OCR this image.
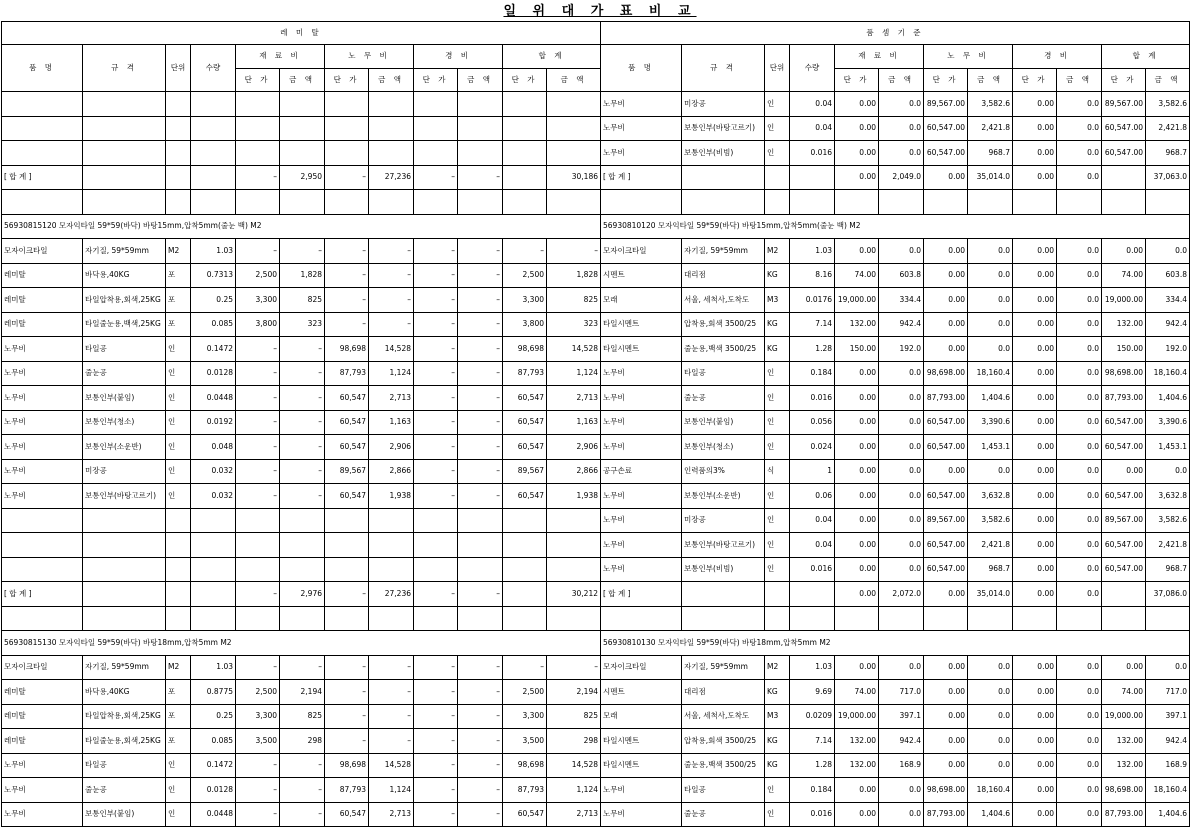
일 위 대 가 표 비 교
레 미 탈												품 셈 기 준											
품 명	규 격	단위	수량	재 료 비		노 무 비		경 비		합 계		품 명	규 격	단위	수량	재 료 비		노 무 비		경 비		합 계	
				단 가	금 액	단 가	금 액	단 가	금 액	단 가	금 액					단 가	금 액	단 가	금 액	단 가	금 액	단 가	금 액
												노무비	미장공	인	0.04	0.00	0.0	89,567.00	3,582.6	0.00	0.0	89,567.00	3,582.6
												노무비	보통인부(바탕고르기)	인	0.04	0.00	0.0	60,547.00	2,421.8	0.00	0.0	60,547.00	2,421.8
												노무비	보통인부(비빔)	인	0.016	0.00	0.0	60,547.00	968.7	0.00	0.0	60,547.00	968.7
[ 합 계 ]				–	2,950	–	27,236	–	–		30,186	[ 합 계 ]				0.00	2,049.0	0.00	35,014.0	0.00	0.0		37,063.0

56930815120 모자익타일 59*59(바닥) 바탕15mm,압착5mm(줄눈 백) M2												56930810120 모자익타일 59*59(바닥) 바탕15mm,압착5mm(줄눈 백) M2											
모자이크타일	자기질, 59*59mm	M2	1.03	–	–	–	–	–	–	–	–	모자이크타일	자기질, 59*59mm	M2	1.03	0.00	0.0	0.00	0.0	0.00	0.0	0.00	0.0
레미탈	바닥용,40KG	포	0.7313	2,500	1,828	–	–	–	–	2,500	1,828	시멘트	대리점	KG	8.16	74.00	603.8	0.00	0.0	0.00	0.0	74.00	603.8
레미탈	타일압착용,회색,25KG	포	0.25	3,300	825	–	–	–	–	3,300	825	모래	서울, 세척사,도착도	M3	0.0176	19,000.00	334.4	0.00	0.0	0.00	0.0	19,000.00	334.4
레미탈	타일줄눈용,백색,25KG	포	0.085	3,800	323	–	–	–	–	3,800	323	타일시멘트	압착용,회색 3500/25	KG	7.14	132.00	942.4	0.00	0.0	0.00	0.0	132.00	942.4
노무비	타일공	인	0.1472	–	–	98,698	14,528	–	–	98,698	14,528	타일시멘트	줄눈용,백색 3500/25	KG	1.28	150.00	192.0	0.00	0.0	0.00	0.0	150.00	192.0
노무비	줄눈공	인	0.0128	–	–	87,793	1,124	–	–	87,793	1,124	노무비	타일공	인	0.184	0.00	0.0	98,698.00	18,160.4	0.00	0.0	98,698.00	18,160.4
노무비	보통인부(붙임)	인	0.0448	–	–	60,547	2,713	–	–	60,547	2,713	노무비	줄눈공	인	0.016	0.00	0.0	87,793.00	1,404.6	0.00	0.0	87,793.00	1,404.6
노무비	보통인부(청소)	인	0.0192	–	–	60,547	1,163	–	–	60,547	1,163	노무비	보통인부(붙임)	인	0.056	0.00	0.0	60,547.00	3,390.6	0.00	0.0	60,547.00	3,390.6
노무비	보통인부(소운반)	인	0.048	–	–	60,547	2,906	–	–	60,547	2,906	노무비	보통인부(청소)	인	0.024	0.00	0.0	60,547.00	1,453.1	0.00	0.0	60,547.00	1,453.1
노무비	미장공	인	0.032	–	–	89,567	2,866	–	–	89,567	2,866	공구손료	인력품의3%	식	1	0.00	0.0	0.00	0.0	0.00	0.0	0.00	0.0
노무비	보통인부(바탕고르기)	인	0.032	–	–	60,547	1,938	–	–	60,547	1,938	노무비	보통인부(소운반)	인	0.06	0.00	0.0	60,547.00	3,632.8	0.00	0.0	60,547.00	3,632.8
												노무비	미장공	인	0.04	0.00	0.0	89,567.00	3,582.6	0.00	0.0	89,567.00	3,582.6
												노무비	보통인부(바탕고르기)	인	0.04	0.00	0.0	60,547.00	2,421.8	0.00	0.0	60,547.00	2,421.8
												노무비	보통인부(비빔)	인	0.016	0.00	0.0	60,547.00	968.7	0.00	0.0	60,547.00	968.7
[ 합 계 ]				–	2,976	–	27,236	–	–		30,212	[ 합 계 ]				0.00	2,072.0	0.00	35,014.0	0.00	0.0		37,086.0

56930815130 모자익타일 59*59(바닥) 바탕18mm,압착5mm M2												56930810130 모자익타일 59*59(바닥) 바탕18mm,압착5mm M2											
모자이크타일	자기질, 59*59mm	M2	1.03	–	–	–	–	–	–	–	–	모자이크타일	자기질, 59*59mm	M2	1.03	0.00	0.0	0.00	0.0	0.00	0.0	0.00	0.0
레미탈	바닥용,40KG	포	0.8775	2,500	2,194	–	–	–	–	2,500	2,194	시멘트	대리점	KG	9.69	74.00	717.0	0.00	0.0	0.00	0.0	74.00	717.0
레미탈	타일압착용,회색,25KG	포	0.25	3,300	825	–	–	–	–	3,300	825	모래	서울, 세척사,도착도	M3	0.0209	19,000.00	397.1	0.00	0.0	0.00	0.0	19,000.00	397.1
레미탈	타일줄눈용,회색,25KG	포	0.085	3,500	298	–	–	–	–	3,500	298	타일시멘트	압착용,회색 3500/25	KG	7.14	132.00	942.4	0.00	0.0	0.00	0.0	132.00	942.4
노무비	타일공	인	0.1472	–	–	98,698	14,528	–	–	98,698	14,528	타일시멘트	줄눈용,백색 3500/25	KG	1.28	132.00	168.9	0.00	0.0	0.00	0.0	132.00	168.9
노무비	줄눈공	인	0.0128	–	–	87,793	1,124	–	–	87,793	1,124	노무비	타일공	인	0.184	0.00	0.0	98,698.00	18,160.4	0.00	0.0	98,698.00	18,160.4
노무비	보통인부(붙임)	인	0.0448	–	–	60,547	2,713	–	–	60,547	2,713	노무비	줄눈공	인	0.016	0.00	0.0	87,793.00	1,404.6	0.00	0.0	87,793.00	1,404.6
